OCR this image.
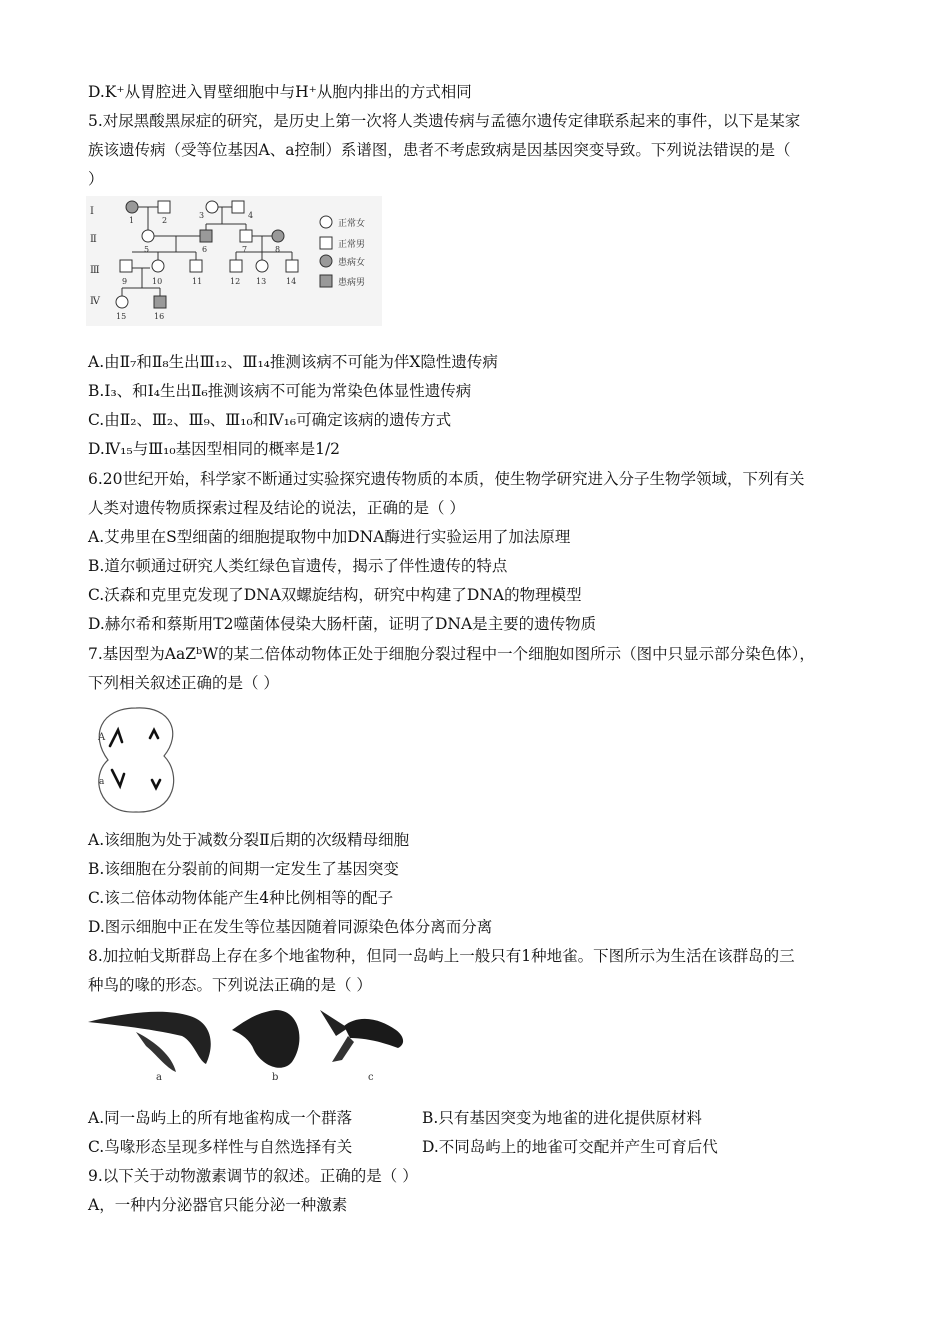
D.K⁺从胃腔进入胃壁细胞中与H⁺从胞内排出的方式相同
5.对尿黑酸黑尿症的研究，是历史上第一次将人类遗传病与孟德尔遗传定律联系起来的事件，以下是某家
族该遗传病（受等位基因A、a控制）系谱图，患者不考虑致病是因基因突变导致。下列说法错误的是（
）
Ⅰ
Ⅱ
Ⅲ
Ⅳ
1	2
3	4
5	6	7	8
9	10	11	12 13 14
15	16
正常女
正常男
患病女
患病男
A.由Ⅱ₇和Ⅱ₈生出Ⅲ₁₂、Ⅲ₁₄推测该病不可能为伴X隐性遗传病
B.Ⅰ₃、和Ⅰ₄生出Ⅱ₆推测该病不可能为常染色体显性遗传病
C.由Ⅱ₂、Ⅲ₂、Ⅲ₉、Ⅲ₁₀和Ⅳ₁₆可确定该病的遗传方式
D.Ⅳ₁₅与Ⅲ₁₀基因型相同的概率是1/2
6.20世纪开始，科学家不断通过实验探究遗传物质的本质，使生物学研究进入分子生物学领域，下列有关
人类对遗传物质探索过程及结论的说法，正确的是（ ）
A.艾弗里在S型细菌的细胞提取物中加DNA酶进行实验运用了加法原理
B.道尔顿通过研究人类红绿色盲遗传，揭示了伴性遗传的特点
C.沃森和克里克发现了DNA双螺旋结构，研究中构建了DNA的物理模型
D.赫尔希和蔡斯用T2噬菌体侵染大肠杆菌，证明了DNA是主要的遗传物质
7.基因型为AaZᵇW的某二倍体动物体正处于细胞分裂过程中一个细胞如图所示（图中只显示部分染色体），
下列相关叙述正确的是（ ）
A
a
A.该细胞为处于减数分裂Ⅱ后期的次级精母细胞
B.该细胞在分裂前的间期一定发生了基因突变
C.该二倍体动物体能产生4种比例相等的配子
D.图示细胞中正在发生等位基因随着同源染色体分离而分离
8.加拉帕戈斯群岛上存在多个地雀物种，但同一岛屿上一般只有1种地雀。下图所示为生活在该群岛的三
种鸟的喙的形态。下列说法正确的是（ ）
a	b	c
A.同一岛屿上的所有地雀构成一个群落	B.只有基因突变为地雀的进化提供原材料
C.鸟喙形态呈现多样性与自然选择有关	D.不同岛屿上的地雀可交配并产生可育后代
9.以下关于动物激素调节的叙述。正确的是（ ）
A，一种内分泌器官只能分泌一种激素
